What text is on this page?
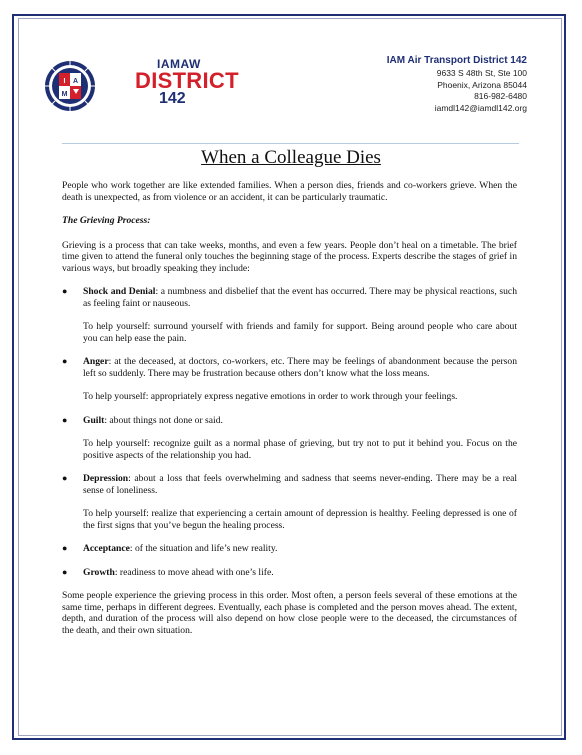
I A
M
IAMAW
DISTRICT
142
IAM Air Transport District 142
9633 S 48th St, Ste 100
Phoenix, Arizona 85044
816-982-6480
iamdl142@iamdl142.org
When a Colleague Dies

People who work together are like extended families. When a person dies, friends and co-workers grieve. When the death is unexpected, as from violence or an accident, it can be particularly traumatic.

The Grieving Process:

Grieving is a process that can take weeks, months, and even a few years. People don’t heal on a timetable. The brief time given to attend the funeral only touches the beginning stage of the process. Experts describe the stages of grief in various ways, but broadly speaking they include:

● Shock and Denial: a numbness and disbelief that the event has occurred. There may be physical reactions, such as feeling faint or nauseous.

To help yourself: surround yourself with friends and family for support. Being around people who care about you can help ease the pain.

● Anger: at the deceased, at doctors, co-workers, etc. There may be feelings of abandonment because the person left so suddenly. There may be frustration because others don’t know what the loss means.

To help yourself: appropriately express negative emotions in order to work through your feelings.

● Guilt: about things not done or said.

To help yourself: recognize guilt as a normal phase of grieving, but try not to put it behind you. Focus on the positive aspects of the relationship you had.

● Depression: about a loss that feels overwhelming and sadness that seems never-ending. There may be a real sense of loneliness.

To help yourself: realize that experiencing a certain amount of depression is healthy. Feeling depressed is one of the first signs that you’ve begun the healing process.

● Acceptance: of the situation and life’s new reality.

● Growth: readiness to move ahead with one’s life.

Some people experience the grieving process in this order. Most often, a person feels several of these emotions at the same time, perhaps in different degrees. Eventually, each phase is completed and the person moves ahead. The extent, depth, and duration of the process will also depend on how close people were to the deceased, the circumstances of the death, and their own situation.
